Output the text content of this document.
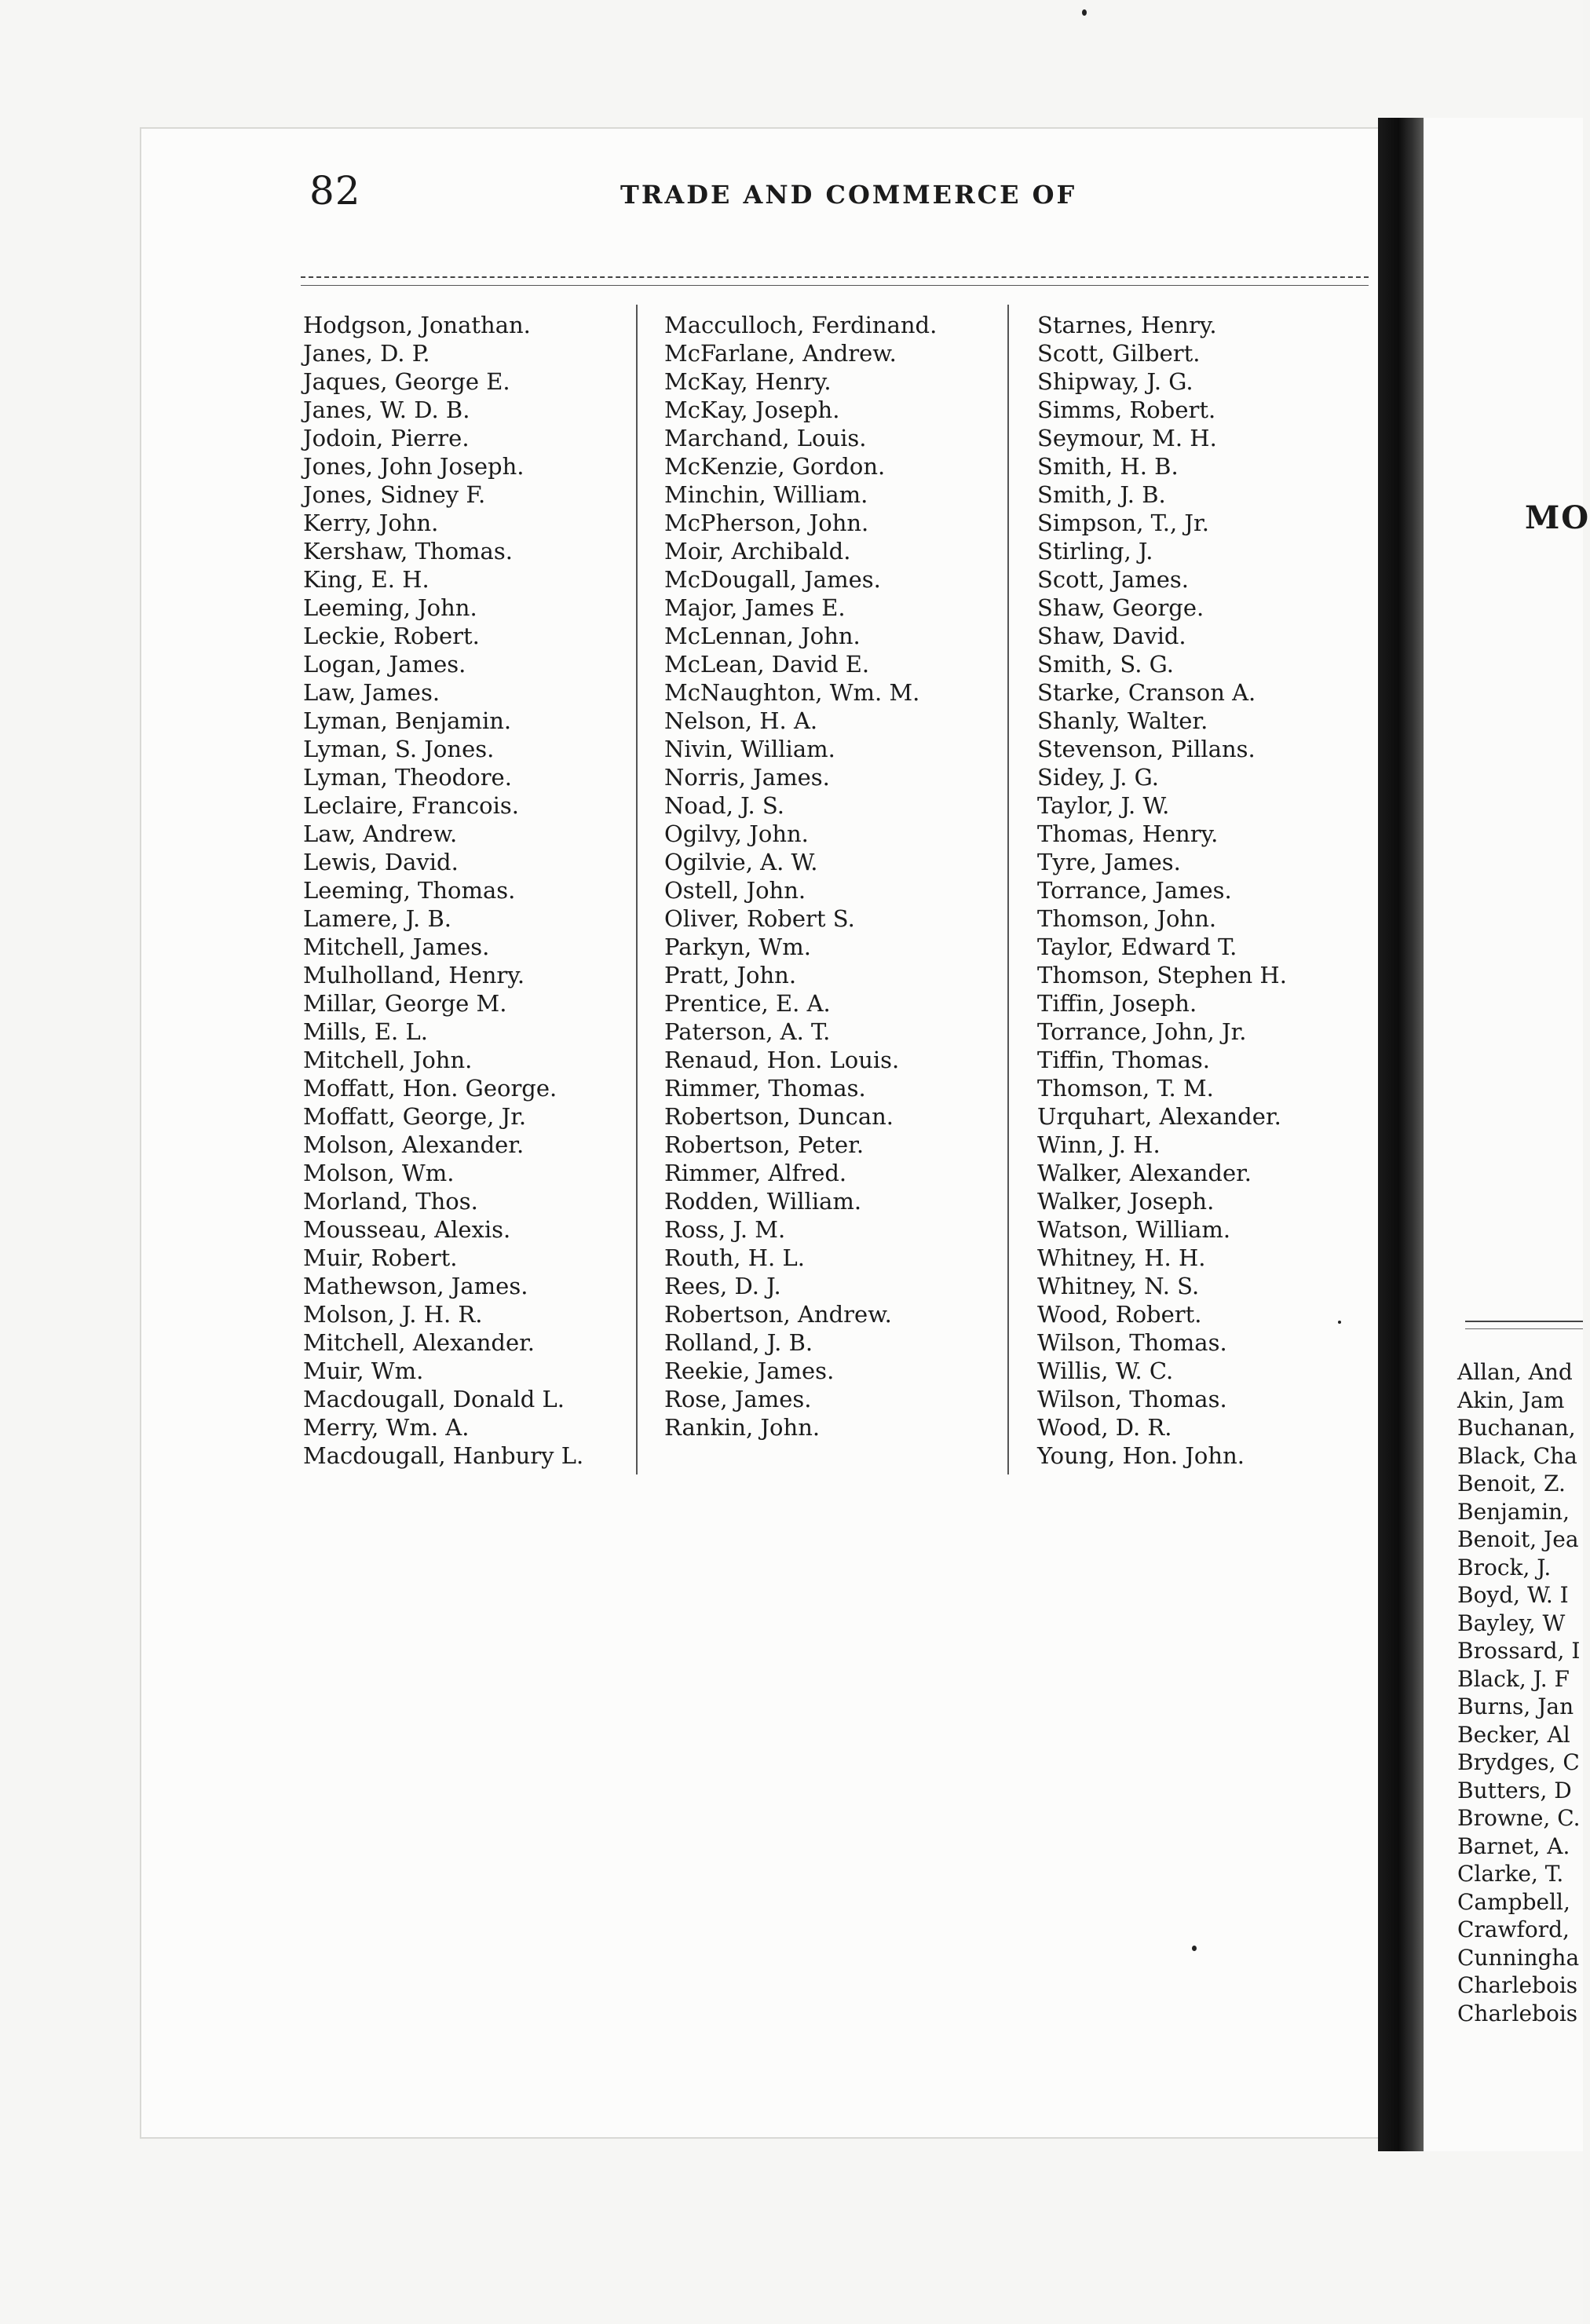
82	TRADE AND COMMERCE OF
Hodgson, Jonathan.
Janes, D. P.
Jaques, George E.
Janes, W. D. B.
Jodoin, Pierre.
Jones, John Joseph.
Jones, Sidney F.
Kerry, John.
Kershaw, Thomas.
King, E. H.
Leeming, John.
Leckie, Robert.
Logan, James.
Law, James.
Lyman, Benjamin.
Lyman, S. Jones.
Lyman, Theodore.
Leclaire, Francois.
Law, Andrew.
Lewis, David.
Leeming, Thomas.
Lamere, J. B.
Mitchell, James.
Mulholland, Henry.
Millar, George M.
Mills, E. L.
Mitchell, John.
Moffatt, Hon. George.
Moffatt, George, Jr.
Molson, Alexander.
Molson, Wm.
Morland, Thos.
Mousseau, Alexis.
Muir, Robert.
Mathewson, James.
Molson, J. H. R.
Mitchell, Alexander.
Muir, Wm.
Macdougall, Donald L.
Merry, Wm. A.
Macdougall, Hanbury L.
Macculloch, Ferdinand.
McFarlane, Andrew.
McKay, Henry.
McKay, Joseph.
Marchand, Louis.
McKenzie, Gordon.
Minchin, William.
McPherson, John.
Moir, Archibald.
McDougall, James.
Major, James E.
McLennan, John.
McLean, David E.
McNaughton, Wm. M.
Nelson, H. A.
Nivin, William.
Norris, James.
Noad, J. S.
Ogilvy, John.
Ogilvie, A. W.
Ostell, John.
Oliver, Robert S.
Parkyn, Wm.
Pratt, John.
Prentice, E. A.
Paterson, A. T.
Renaud, Hon. Louis.
Rimmer, Thomas.
Robertson, Duncan.
Robertson, Peter.
Rimmer, Alfred.
Rodden, William.
Ross, J. M.
Routh, H. L.
Rees, D. J.
Robertson, Andrew.
Rolland, J. B.
Reekie, James.
Rose, James.
Rankin, John.
Starnes, Henry.
Scott, Gilbert.
Shipway, J. G.
Simms, Robert.
Seymour, M. H.
Smith, H. B.
Smith, J. B.
Simpson, T., Jr.
Stirling, J.
Scott, James.
Shaw, George.
Shaw, David.
Smith, S. G.
Starke, Cranson A.
Shanly, Walter.
Stevenson, Pillans.
Sidey, J. G.
Taylor, J. W.
Thomas, Henry.
Tyre, James.
Torrance, James.
Thomson, John.
Taylor, Edward T.
Thomson, Stephen H.
Tiffin, Joseph.
Torrance, John, Jr.
Tiffin, Thomas.
Thomson, T. M.
Urquhart, Alexander.
Winn, J. H.
Walker, Alexander.
Walker, Joseph.
Watson, William.
Whitney, H. H.
Whitney, N. S.
Wood, Robert.
Wilson, Thomas.
Willis, W. C.
Wilson, Thomas.
Wood, D. R.
Young, Hon. John.
MO
Allan, And
Akin, Jam
Buchanan,
Black, Cha
Benoit, Z.
Benjamin,
Benoit, Jea
Brock, J.
Boyd, W. I
Bayley, W
Brossard, I
Black, J. F
Burns, Jan
Becker, Al
Brydges, C
Butters, D
Browne, C.
Barnet, A.
Clarke, T.
Campbell,
Crawford,
Cunningha
Charlebois
Charlebois
